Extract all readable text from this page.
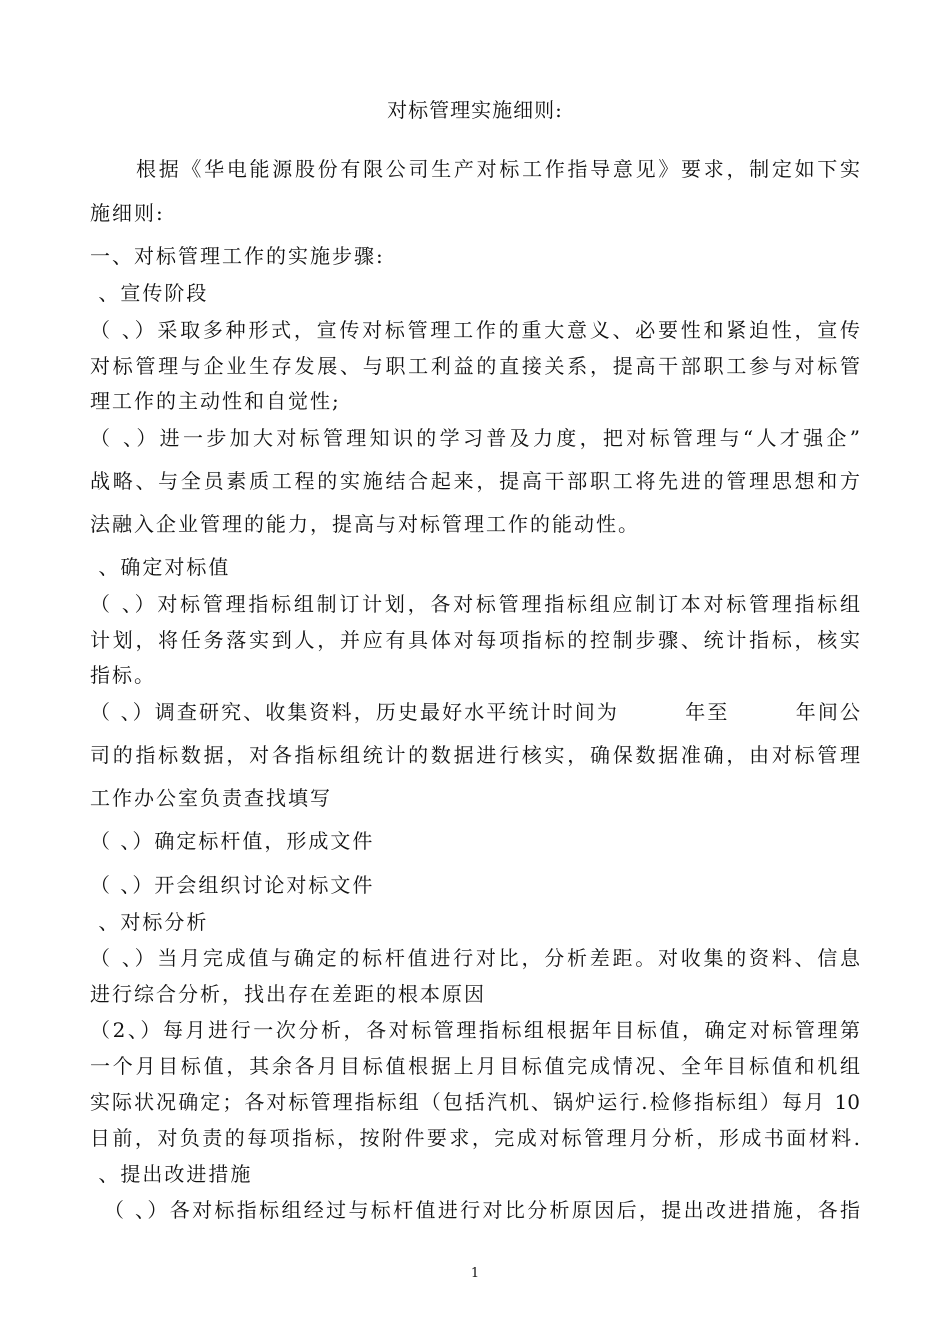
对标管理实施细则:
根据《华电能源股份有限公司生产对标工作指导意见》要求，制定如下实
施细则:
一、对标管理工作的实施步骤:
、宣传阶段
（ 、）采取多种形式，宣传对标管理工作的重大意义、必要性和紧迫性，宣传
对标管理与企业生存发展、与职工利益的直接关系，提高干部职工参与对标管
理工作的主动性和自觉性;
（ 、）进一步加大对标管理知识的学习普及力度，把对标管理与“人才强企”
战略、与全员素质工程的实施结合起来，提高干部职工将先进的管理思想和方
法融入企业管理的能力，提高与对标管理工作的能动性。
、确定对标值
（ 、）对标管理指标组制订计划，各对标管理指标组应制订本对标管理指标组
计划，将任务落实到人，并应有具体对每项指标的控制步骤、统计指标，核实
指标。
（ 、）调查研究、收集资料，历史最好水平统计时间为　　　年至　　　年间公
司的指标数据，对各指标组统计的数据进行核实，确保数据准确，由对标管理
工作办公室负责查找填写
（ 、）确定标杆值，形成文件
（ 、）开会组织讨论对标文件
、对标分析
（ 、）当月完成值与确定的标杆值进行对比，分析差距。对收集的资料、信息
进行综合分析，找出存在差距的根本原因
（2、）每月进行一次分析，各对标管理指标组根据年目标值，确定对标管理第
一个月目标值，其余各月目标值根据上月目标值完成情况、全年目标值和机组
实际状况确定；各对标管理指标组（包括汽机、锅炉运行.检修指标组）每月 10
日前，对负责的每项指标，按附件要求，完成对标管理月分析，形成书面材料.
、提出改进措施
（ 、）各对标指标组经过与标杆值进行对比分析原因后，提出改进措施，各指
1
